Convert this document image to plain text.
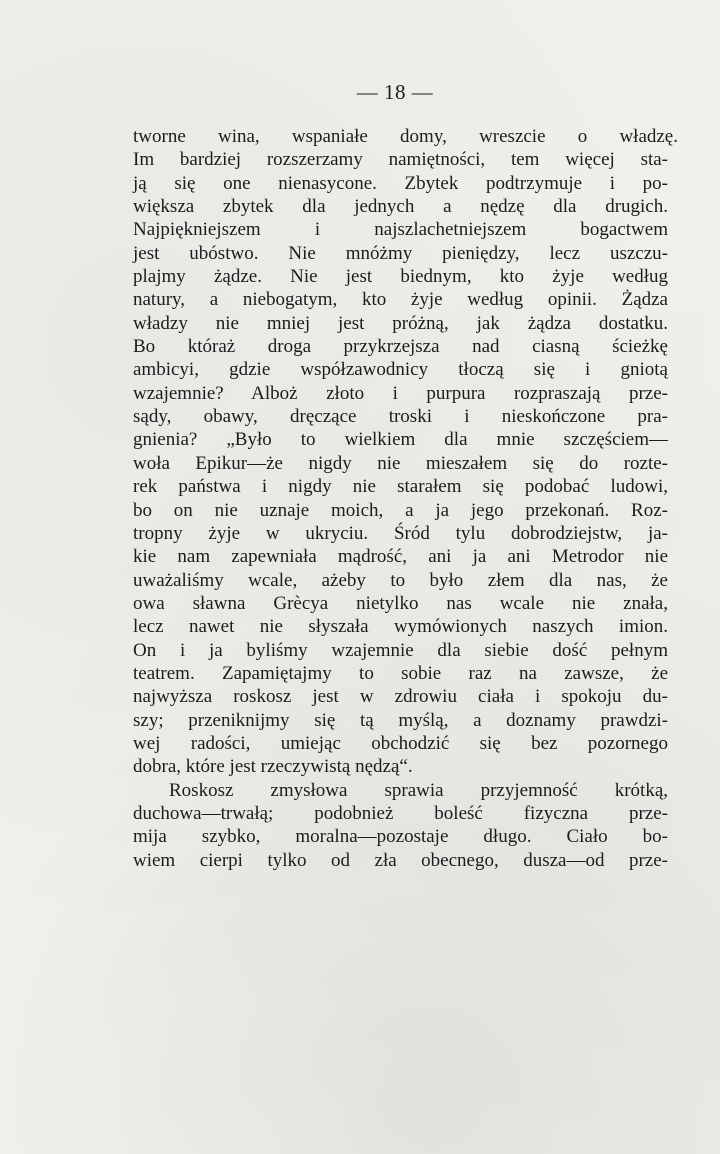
— 18 —
tworne wina, wspaniałe domy, wreszcie o władzę.
Im bardziej rozszerzamy namiętności, tem więcej sta-
ją się one nienasycone. Zbytek podtrzymuje i po-
większa zbytek dla jednych a nędzę dla drugich.
Najpiękniejszem i najszlachetniejszem bogactwem
jest ubóstwo. Nie mnóżmy pieniędzy, lecz uszczu-
plajmy żądze. Nie jest biednym, kto żyje według
natury, a niebogatym, kto żyje według opinii. Żądza
władzy nie mniej jest próżną, jak żądza dostatku.
Bo któraż droga przykrzejsza nad ciasną ścieżkę
ambicyi, gdzie współzawodnicy tłoczą się i gniotą
wzajemnie? Alboż złoto i purpura rozpraszają prze-
sądy, obawy, dręczące troski i nieskończone pra-
gnienia? „Było to wielkiem dla mnie szczęściem—
woła Epikur—że nigdy nie mieszałem się do rozte-
rek państwa i nigdy nie starałem się podobać ludowi,
bo on nie uznaje moich, a ja jego przekonań. Roz-
tropny żyje w ukryciu. Śród tylu dobrodziejstw, ja-
kie nam zapewniała mądrość, ani ja ani Metrodor nie
uważaliśmy wcale, ażeby to było złem dla nas, że
owa sławna Grècya nietylko nas wcale nie znała,
lecz nawet nie słyszała wymówionych naszych imion.
On i ja byliśmy wzajemnie dla siebie dość pełnym
teatrem. Zapamiętajmy to sobie raz na zawsze, że
najwyższa roskosz jest w zdrowiu ciała i spokoju du-
szy; przeniknijmy się tą myślą, a doznamy prawdzi-
wej radości, umiejąc obchodzić się bez pozornego
dobra, które jest rzeczywistą nędzą“.
Roskosz zmysłowa sprawia przyjemność krótką,
duchowa—trwałą; podobnież boleść fizyczna prze-
mija szybko, moralna—pozostaje długo. Ciało bo-
wiem cierpi tylko od zła obecnego, dusza—od prze-
